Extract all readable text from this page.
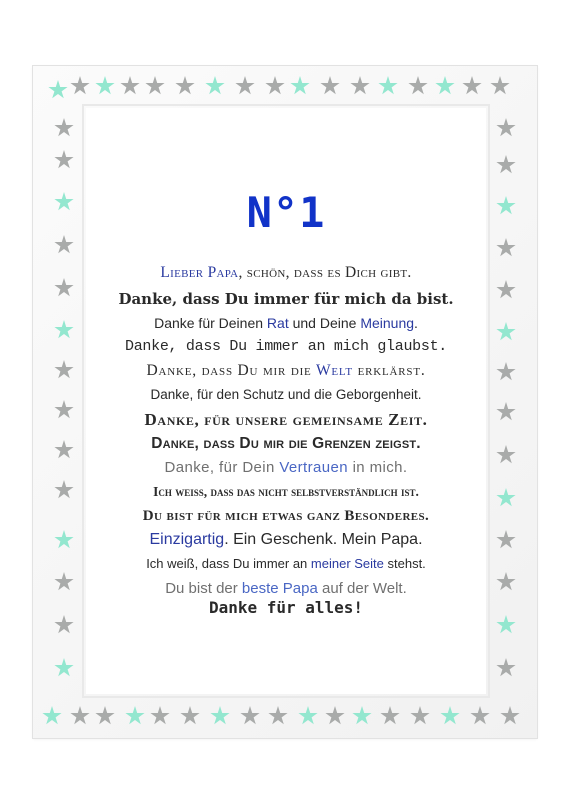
N°1
Lieber Papa, schön, dass es Dich gibt.
Danke, dass Du immer für mich da bist.
Danke für Deinen Rat und Deine Meinung.
Danke, dass Du immer an mich glaubst.
Danke, dass Du mir die Welt erklärst.
Danke, für den Schutz und die Geborgenheit.
Danke, für unsere gemeinsame Zeit.
Danke, dass Du mir die Grenzen zeigst.
Danke, für Dein Vertrauen in mich.
Ich weiss, dass das nicht selbstverständlich ist.
Du bist für mich etwas ganz Besonderes.
Einzigartig. Ein Geschenk. Mein Papa.
Ich weiß, dass Du immer an meiner Seite stehst.
Du bist der beste Papa auf der Welt.
Danke für alles!
